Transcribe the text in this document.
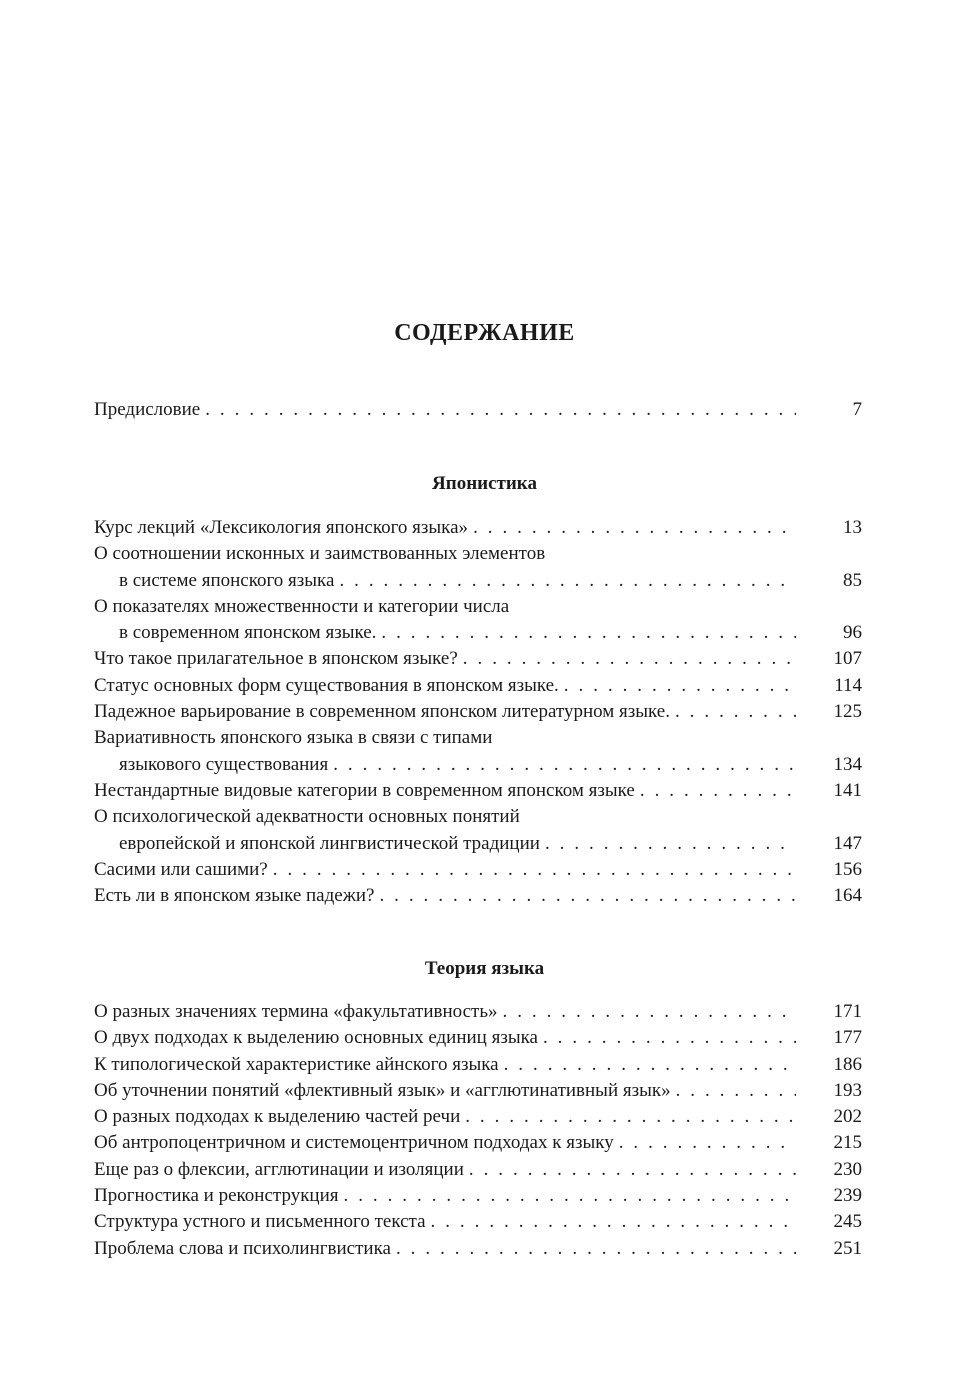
СОДЕРЖАНИЕ
Предисловие . . .	7
Японистика
Курс лекций «Лексикология японского языка» . . .	13
О соотношении исконных и заимствованных элементов
в системе японского языка . . .	85
О показателях множественности и категории числа
в современном японском языке. . . .	96
Что такое прилагательное в японском языке? . . .	107
Статус основных форм существования в японском языке. . . .	114
Падежное варьирование в современном японском литературном языке. . . .	125
Вариативность японского языка в связи с типами
языкового существования . . .	134
Нестандартные видовые категории в современном японском языке . . .	141
О психологической адекватности основных понятий
европейской и японской лингвистической традиции . . .	147
Сасими или сашими? . . .	156
Есть ли в японском языке падежи? . . .	164
Теория языка
О разных значениях термина «факультативность» . . .	171
О двух подходах к выделению основных единиц языка . . .	177
К типологической характеристике айнского языка . . .	186
Об уточнении понятий «флективный язык» и «агглютинативный язык» . . .	193
О разных подходах к выделению частей речи . . .	202
Об антропоцентричном и системоцентричном подходах к языку . . .	215
Еще раз о флексии, агглютинации и изоляции . . .	230
Прогностика и реконструкция . . .	239
Структура устного и письменного текста . . .	245
Проблема слова и психолингвистика . . .	251
